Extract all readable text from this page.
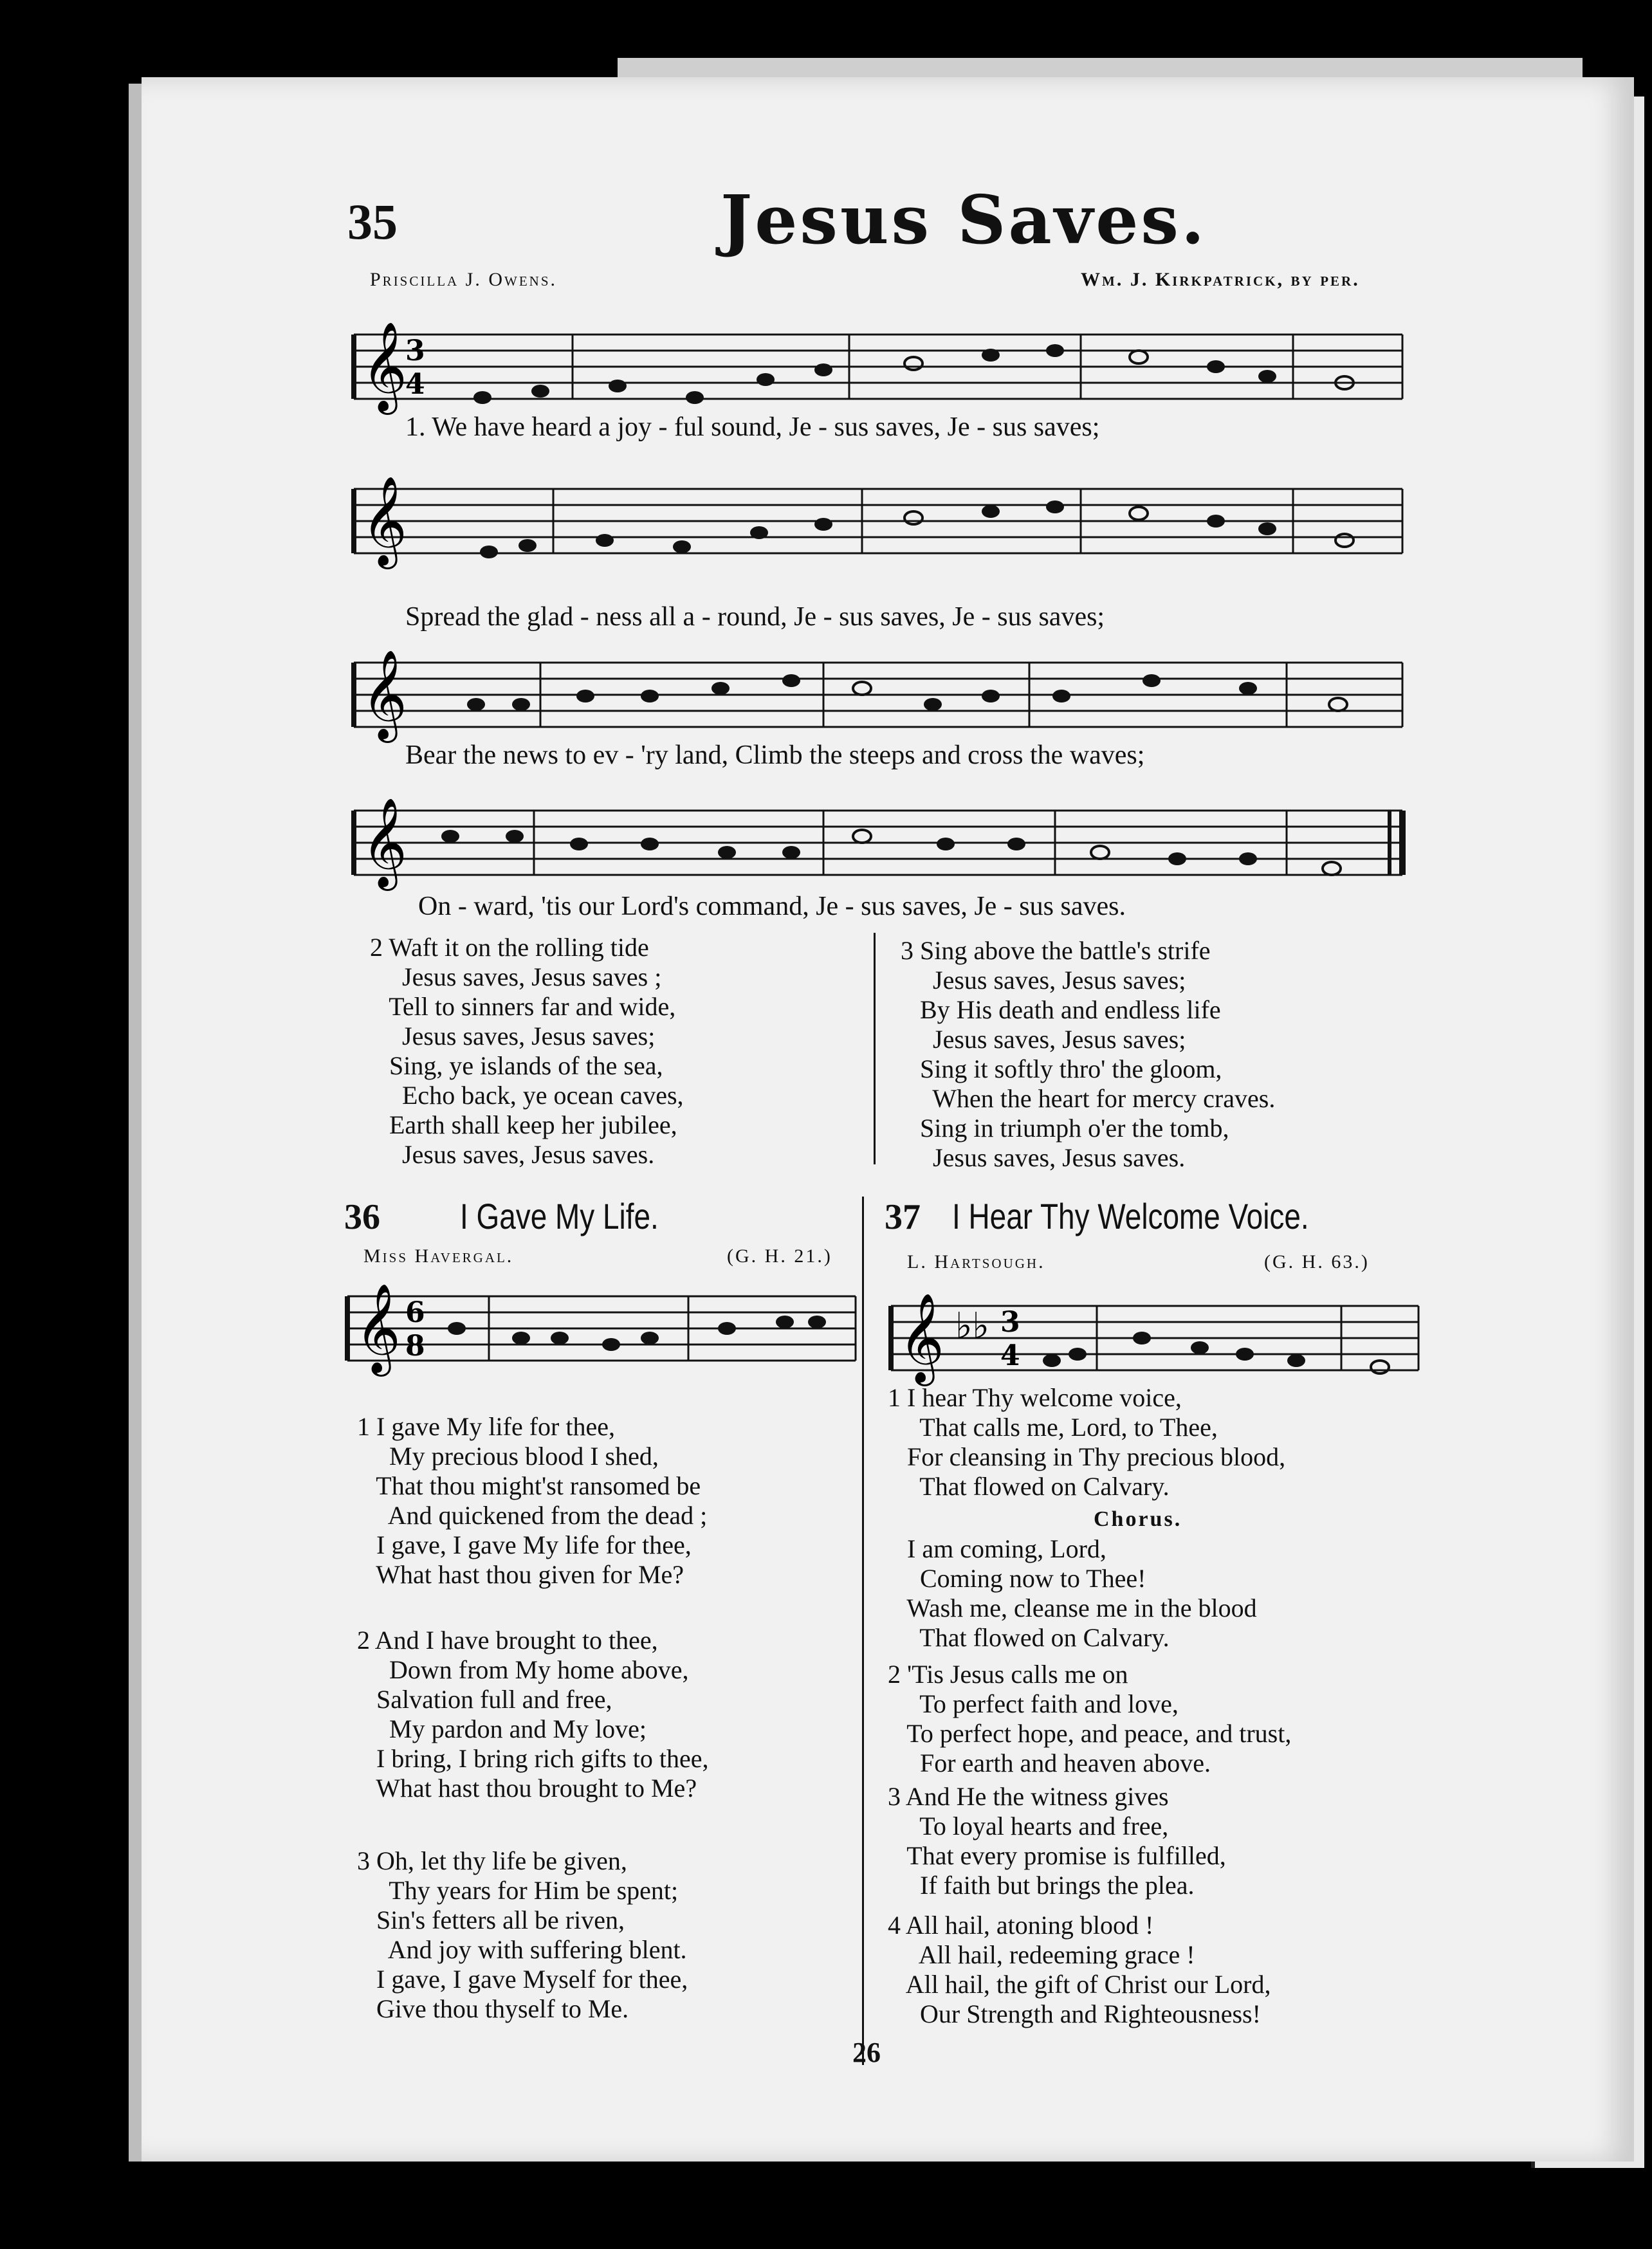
35	Jesus Saves.
Priscilla J. Owens.	Wm. J. Kirkpatrick, by per.
𝄞
3
4
1. We have heard a joy - ful sound, Je - sus saves, Je - sus saves;
𝄞
Spread the glad - ness all a - round, Je - sus saves, Je - sus saves;
𝄞
Bear the news to ev - 'ry land, Climb the steeps and cross the waves;
𝄞
On - ward, 'tis our Lord's command, Je - sus saves, Je - sus saves.
2 Waft it on the rolling tide
Jesus saves, Jesus saves ;
Tell to sinners far and wide,
Jesus saves, Jesus saves;
Sing, ye islands of the sea,
Echo back, ye ocean caves,
Earth shall keep her jubilee,
Jesus saves, Jesus saves.
3 Sing above the battle's strife
Jesus saves, Jesus saves;
By His death and endless life
Jesus saves, Jesus saves;
Sing it softly thro' the gloom,
When the heart for mercy craves.
Sing in triumph o'er the tomb,
Jesus saves, Jesus saves.
36 I Gave My Life.
Miss Havergal.	(G. H. 21.)
𝄞 6
8
1 I gave My life for thee,
My precious blood I shed,
That thou might'st ransomed be
And quickened from the dead ;
I gave, I gave My life for thee,
What hast thou given for Me?
2 And I have brought to thee,
Down from My home above,
Salvation full and free,
My pardon and My love;
I bring, I bring rich gifts to thee,
What hast thou brought to Me?
3 Oh, let thy life be given,
Thy years for Him be spent;
Sin's fetters all be riven,
And joy with suffering blent.
I gave, I gave Myself for thee,
Give thou thyself to Me.
37 I Hear Thy Welcome Voice.
L. Hartsough.	(G. H. 63.)
𝄞 ♭♭ 3
4
1 I hear Thy welcome voice,
That calls me, Lord, to Thee,
For cleansing in Thy precious blood,
That flowed on Calvary.
Chorus.
I am coming, Lord,
Coming now to Thee!
Wash me, cleanse me in the blood
That flowed on Calvary.
2 'Tis Jesus calls me on
To perfect faith and love,
To perfect hope, and peace, and trust,
For earth and heaven above.
3 And He the witness gives
To loyal hearts and free,
That every promise is fulfilled,
If faith but brings the plea.
4 All hail, atoning blood !
All hail, redeeming grace !
All hail, the gift of Christ our Lord,
Our Strength and Righteousness!
26
